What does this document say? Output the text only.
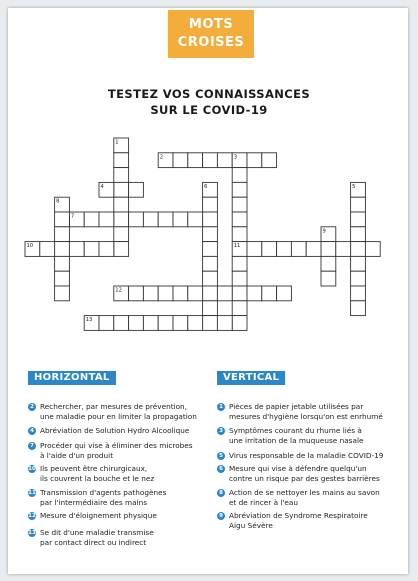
MOTS
CROISES
TESTEZ VOS CONNAISSANCES
SUR LE COVID-19
1
2	3
4	5
6
7
8
9
10	11
12
13
HORIZONTAL	VERTICAL
2 Rechercher, par mesures de prévention,
une maladie pour en limiter la propagation
4 Abréviation de Solution Hydro Alcoolique
7 Procéder qui vise à éliminer des microbes
à l'aide d'un produit
10 Ils peuvent être chirurgicaux,
ils couvrent la bouche et le nez
11 Transmission d'agents pathogènes
par l'intermédiaire des mains
12 Mesure d'éloignement physique
13 Se dit d'une maladie transmise
par contact direct ou indirect
1 Pièces de papier jetable utilisées par
mesures d'hygiène lorsqu'on est enrhumé
3 Symptômes courant du rhume liés à
une irritation de la muqueuse nasale
5 Virus responsable de la maladie COVID-19
6 Mesure qui vise à défendre quelqu'un
contre un risque par des gestes barrières
8 Action de se nettoyer les mains au savon
et de rincer à l'eau
9 Abréviation de Syndrome Respiratoire
Aigu Sévère
